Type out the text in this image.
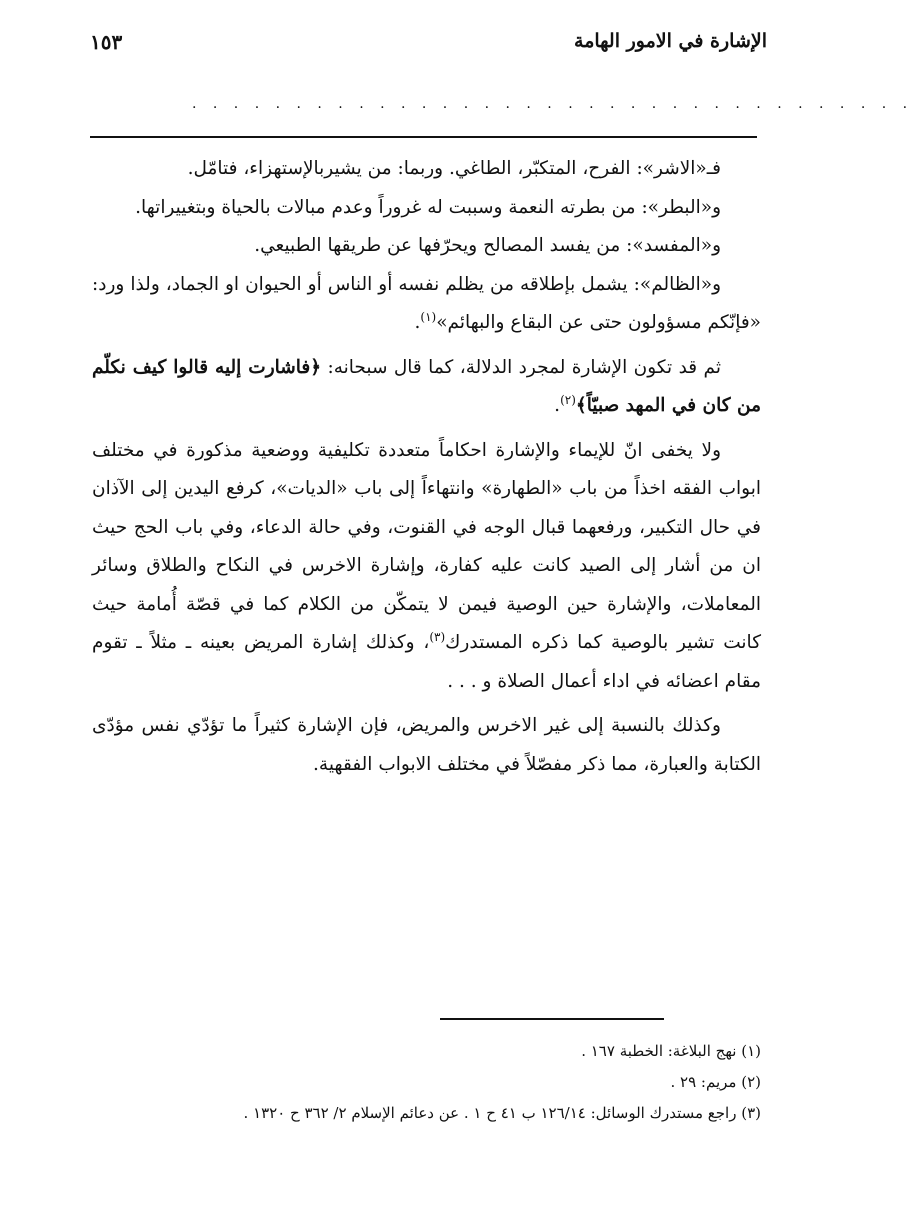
الإشارة في الامور الهامة
١٥٣
. . . . . . . . . . . . . . . . . . . . . . . . . . . . . . . . . . .

فـ«الاشر»: الفرح، المتكبّر، الطاغي. وربما: من يشيربالإستهزاء، فتامّل.

و«البطر»: من بطرته النعمة وسببت له غروراً وعدم مبالات بالحياة وبتغييراتها.

و«المفسد»: من يفسد المصالح ويحرّفها عن طريقها الطبيعي.

و«الظالم»: يشمل بإطلاقه من يظلم نفسه أو الناس أو الحيوان او الجماد، ولذا ورد: «فإنّكم مسؤولون حتى عن البقاع والبهائم»$^{(١)}$.

ثم قد تكون الإشارة لمجرد الدلالة، كما قال سبحانه: ﴿فاشارت إليه قالوا كيف نكلّم من كان في المهد صبيّاً﴾$^{(٢)}$.

ولا يخفى انّ للإيماء والإشارة احكاماً متعددة تكليفية ووضعية مذكورة في مختلف ابواب الفقه اخذاً من باب «الطهارة» وانتهاءاً إلى باب «الديات»، كرفع اليدين إلى الآذان في حال التكبير، ورفعهما قبال الوجه في القنوت، وفي حالة الدعاء، وفي باب الحج حيث ان من أشار إلى الصيد كانت عليه كفارة، وإشارة الاخرس في النكاح والطلاق وسائر المعاملات، والإشارة حين الوصية فيمن لا يتمكّن من الكلام كما في قصّة أُمامة حيث كانت تشير بالوصية كما ذكره المستدرك$^{(٣)}$، وكذلك إشارة المريض بعينه ـ مثلاً ـ تقوم مقام اعضائه في اداء أعمال الصلاة و . . .

وكذلك بالنسبة إلى غير الاخرس والمريض، فإن الإشارة كثيراً ما تؤدّي نفس مؤدّى الكتابة والعبارة، مما ذكر مفصّلاً في مختلف الابواب الفقهية.

(١) نهج البلاغة: الخطبة ١٦٧ .

(٢) مريم: ٢٩ .

(٣) راجع مستدرك الوسائل: ١٢٦/١٤ ب ٤١ ح ١ . عن دعائم الإسلام ٢/ ٣٦٢ ح ١٣٢٠ .
